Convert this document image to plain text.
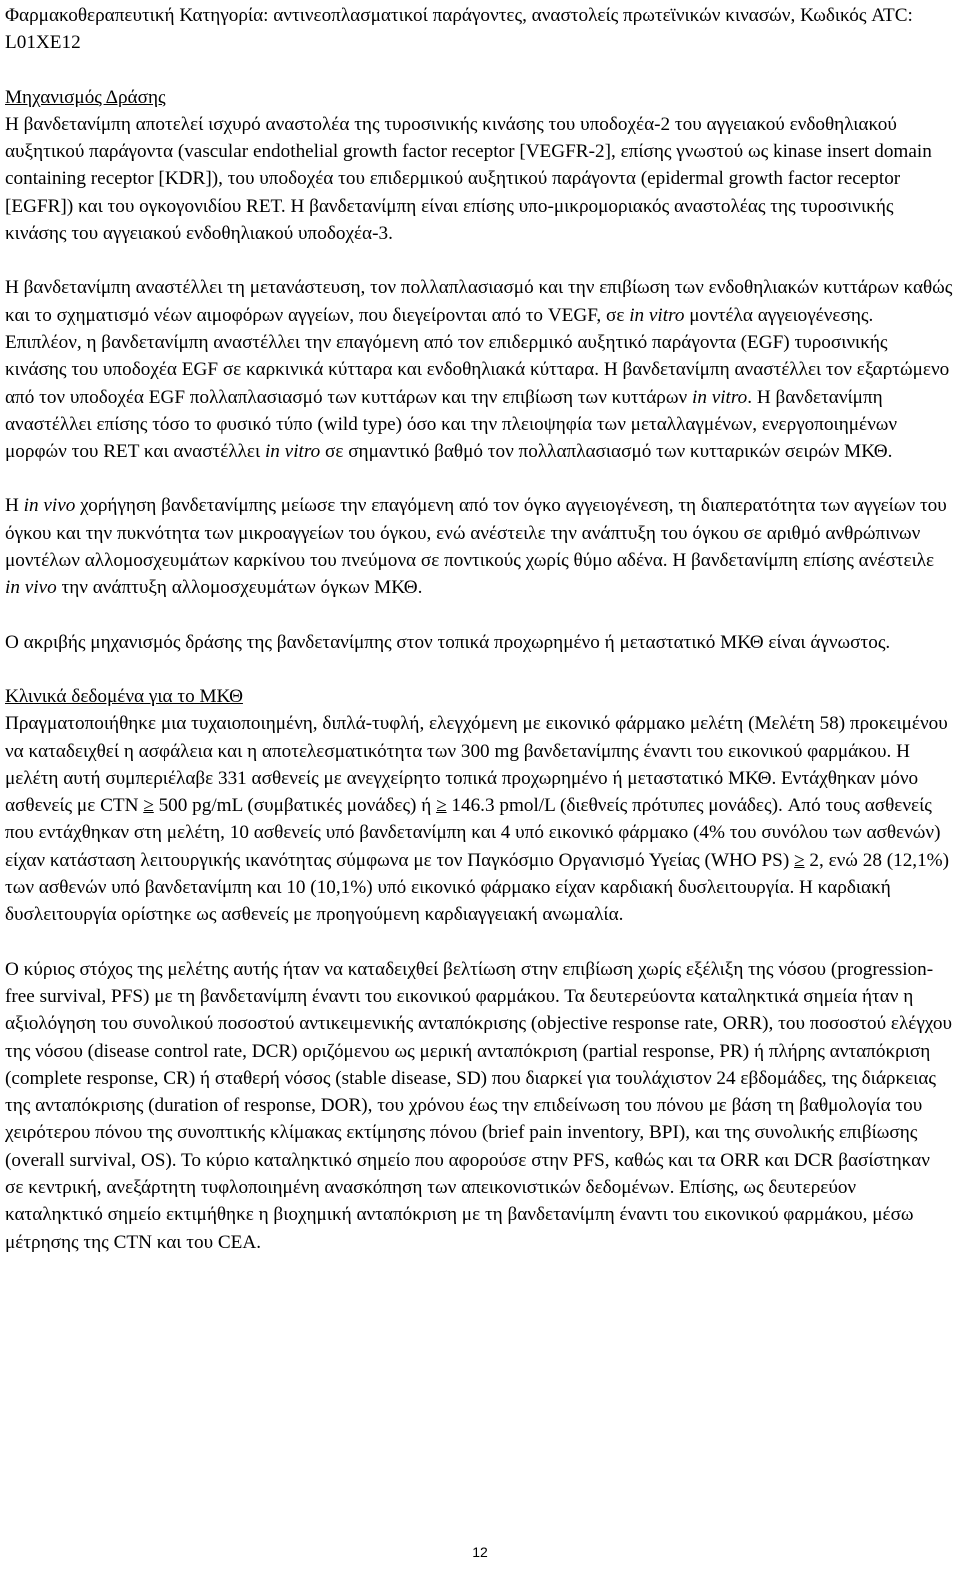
Φαρμακοθεραπευτική Κατηγορία: αντινεοπλασματικοί παράγοντες, αναστολείς πρωτεϊνικών κινασών, Κωδικός ATC: L01XE12

Μηχανισμός Δράσης

Η βανδετανίμπη αποτελεί ισχυρό αναστολέα της τυροσινικής κινάσης του υποδοχέα-2 του αγγειακού ενδοθηλιακού αυξητικού παράγοντα (vascular endothelial growth factor receptor [VEGFR-2], επίσης γνωστού ως kinase insert domain containing receptor [KDR]), του υποδοχέα του επιδερμικού αυξητικού παράγοντα (epidermal growth factor receptor [EGFR]) και του ογκογονιδίου RET. Η βανδετανίμπη είναι επίσης υπο-μικρομοριακός αναστολέας της τυροσινικής κινάσης του αγγειακού ενδοθηλιακού υποδοχέα-3.

Η βανδετανίμπη αναστέλλει τη μετανάστευση, τον πολλαπλασιασμό και την επιβίωση των ενδοθηλιακών κυττάρων καθώς και το σχηματισμό νέων αιμοφόρων αγγείων, που διεγείρονται από το VEGF, σε in vitro μοντέλα αγγειογένεσης. Επιπλέον, η βανδετανίμπη αναστέλλει την επαγόμενη από τον επιδερμικό αυξητικό παράγοντα (EGF) τυροσινικής κινάσης του υποδοχέα EGF σε καρκινικά κύτταρα και ενδοθηλιακά κύτταρα. Η βανδετανίμπη αναστέλλει τον εξαρτώμενο από τον υποδοχέα EGF πολλαπλασιασμό των κυττάρων και την επιβίωση των κυττάρων in vitro. Η βανδετανίμπη αναστέλλει επίσης τόσο το φυσικό τύπο (wild type) όσο και την πλειοψηφία των μεταλλαγμένων, ενεργοποιημένων μορφών του RET και αναστέλλει in vitro σε σημαντικό βαθμό τον πολλαπλασιασμό των κυτταρικών σειρών ΜΚΘ.

Η in vivo χορήγηση βανδετανίμπης μείωσε την επαγόμενη από τον όγκο αγγειογένεση, τη διαπερατότητα των αγγείων του όγκου και την πυκνότητα των μικροαγγείων του όγκου, ενώ ανέστειλε την ανάπτυξη του όγκου σε αριθμό ανθρώπινων μοντέλων αλλομοσχευμάτων καρκίνου του πνεύμονα σε ποντικούς χωρίς θύμο αδένα. Η βανδετανίμπη επίσης ανέστειλε in vivo την ανάπτυξη αλλομοσχευμάτων όγκων ΜΚΘ.

Ο ακριβής μηχανισμός δράσης της βανδετανίμπης στον τοπικά προχωρημένο ή μεταστατικό ΜΚΘ είναι άγνωστος.

Κλινικά δεδομένα για το ΜΚΘ

Πραγματοποιήθηκε μια τυχαιοποιημένη, διπλά-τυφλή, ελεγχόμενη με εικονικό φάρμακο μελέτη (Μελέτη 58) προκειμένου να καταδειχθεί η ασφάλεια και η αποτελεσματικότητα των 300 mg βανδετανίμπης έναντι του εικονικού φαρμάκου. Η μελέτη αυτή συμπεριέλαβε 331 ασθενείς με ανεγχείρητο τοπικά προχωρημένο ή μεταστατικό ΜΚΘ. Εντάχθηκαν μόνο ασθενείς με CTN ≥ 500 pg/mL (συμβατικές μονάδες) ή ≥ 146.3 pmol/L (διεθνείς πρότυπες μονάδες). Από τους ασθενείς που εντάχθηκαν στη μελέτη, 10 ασθενείς υπό βανδετανίμπη και 4 υπό εικονικό φάρμακο (4% του συνόλου των ασθενών) είχαν κατάσταση λειτουργικής ικανότητας σύμφωνα με τον Παγκόσμιο Οργανισμό Υγείας (WHO PS) ≥ 2, ενώ 28 (12,1%) των ασθενών υπό βανδετανίμπη και 10 (10,1%) υπό εικονικό φάρμακο είχαν καρδιακή δυσλειτουργία. Η καρδιακή δυσλειτουργία ορίστηκε ως ασθενείς με προηγούμενη καρδιαγγειακή ανωμαλία.

Ο κύριος στόχος της μελέτης αυτής ήταν να καταδειχθεί βελτίωση στην επιβίωση χωρίς εξέλιξη της νόσου (progression-free survival, PFS) με τη βανδετανίμπη έναντι του εικονικού φαρμάκου. Τα δευτερεύοντα καταληκτικά σημεία ήταν η αξιολόγηση του συνολικού ποσοστού αντικειμενικής ανταπόκρισης (objective response rate, ORR), του ποσοστού ελέγχου της νόσου (disease control rate, DCR) οριζόμενου ως μερική ανταπόκριση (partial response, PR) ή πλήρης ανταπόκριση (complete response, CR) ή σταθερή νόσος (stable disease, SD) που διαρκεί για τουλάχιστον 24 εβδομάδες, της διάρκειας της ανταπόκρισης (duration of response, DOR), του χρόνου έως την επιδείνωση του πόνου με βάση τη βαθμολογία του χειρότερου πόνου της συνοπτικής κλίμακας εκτίμησης πόνου (brief pain inventory, BPI), και της συνολικής επιβίωσης (overall survival, OS). Το κύριο καταληκτικό σημείο που αφορούσε στην PFS, καθώς και τα ORR και DCR βασίστηκαν σε κεντρική, ανεξάρτητη τυφλοποιημένη ανασκόπηση των απεικονιστικών δεδομένων. Επίσης, ως δευτερεύον καταληκτικό σημείο εκτιμήθηκε η βιοχημική ανταπόκριση με τη βανδετανίμπη έναντι του εικονικού φαρμάκου, μέσω μέτρησης της CTN και του CEA.

12
